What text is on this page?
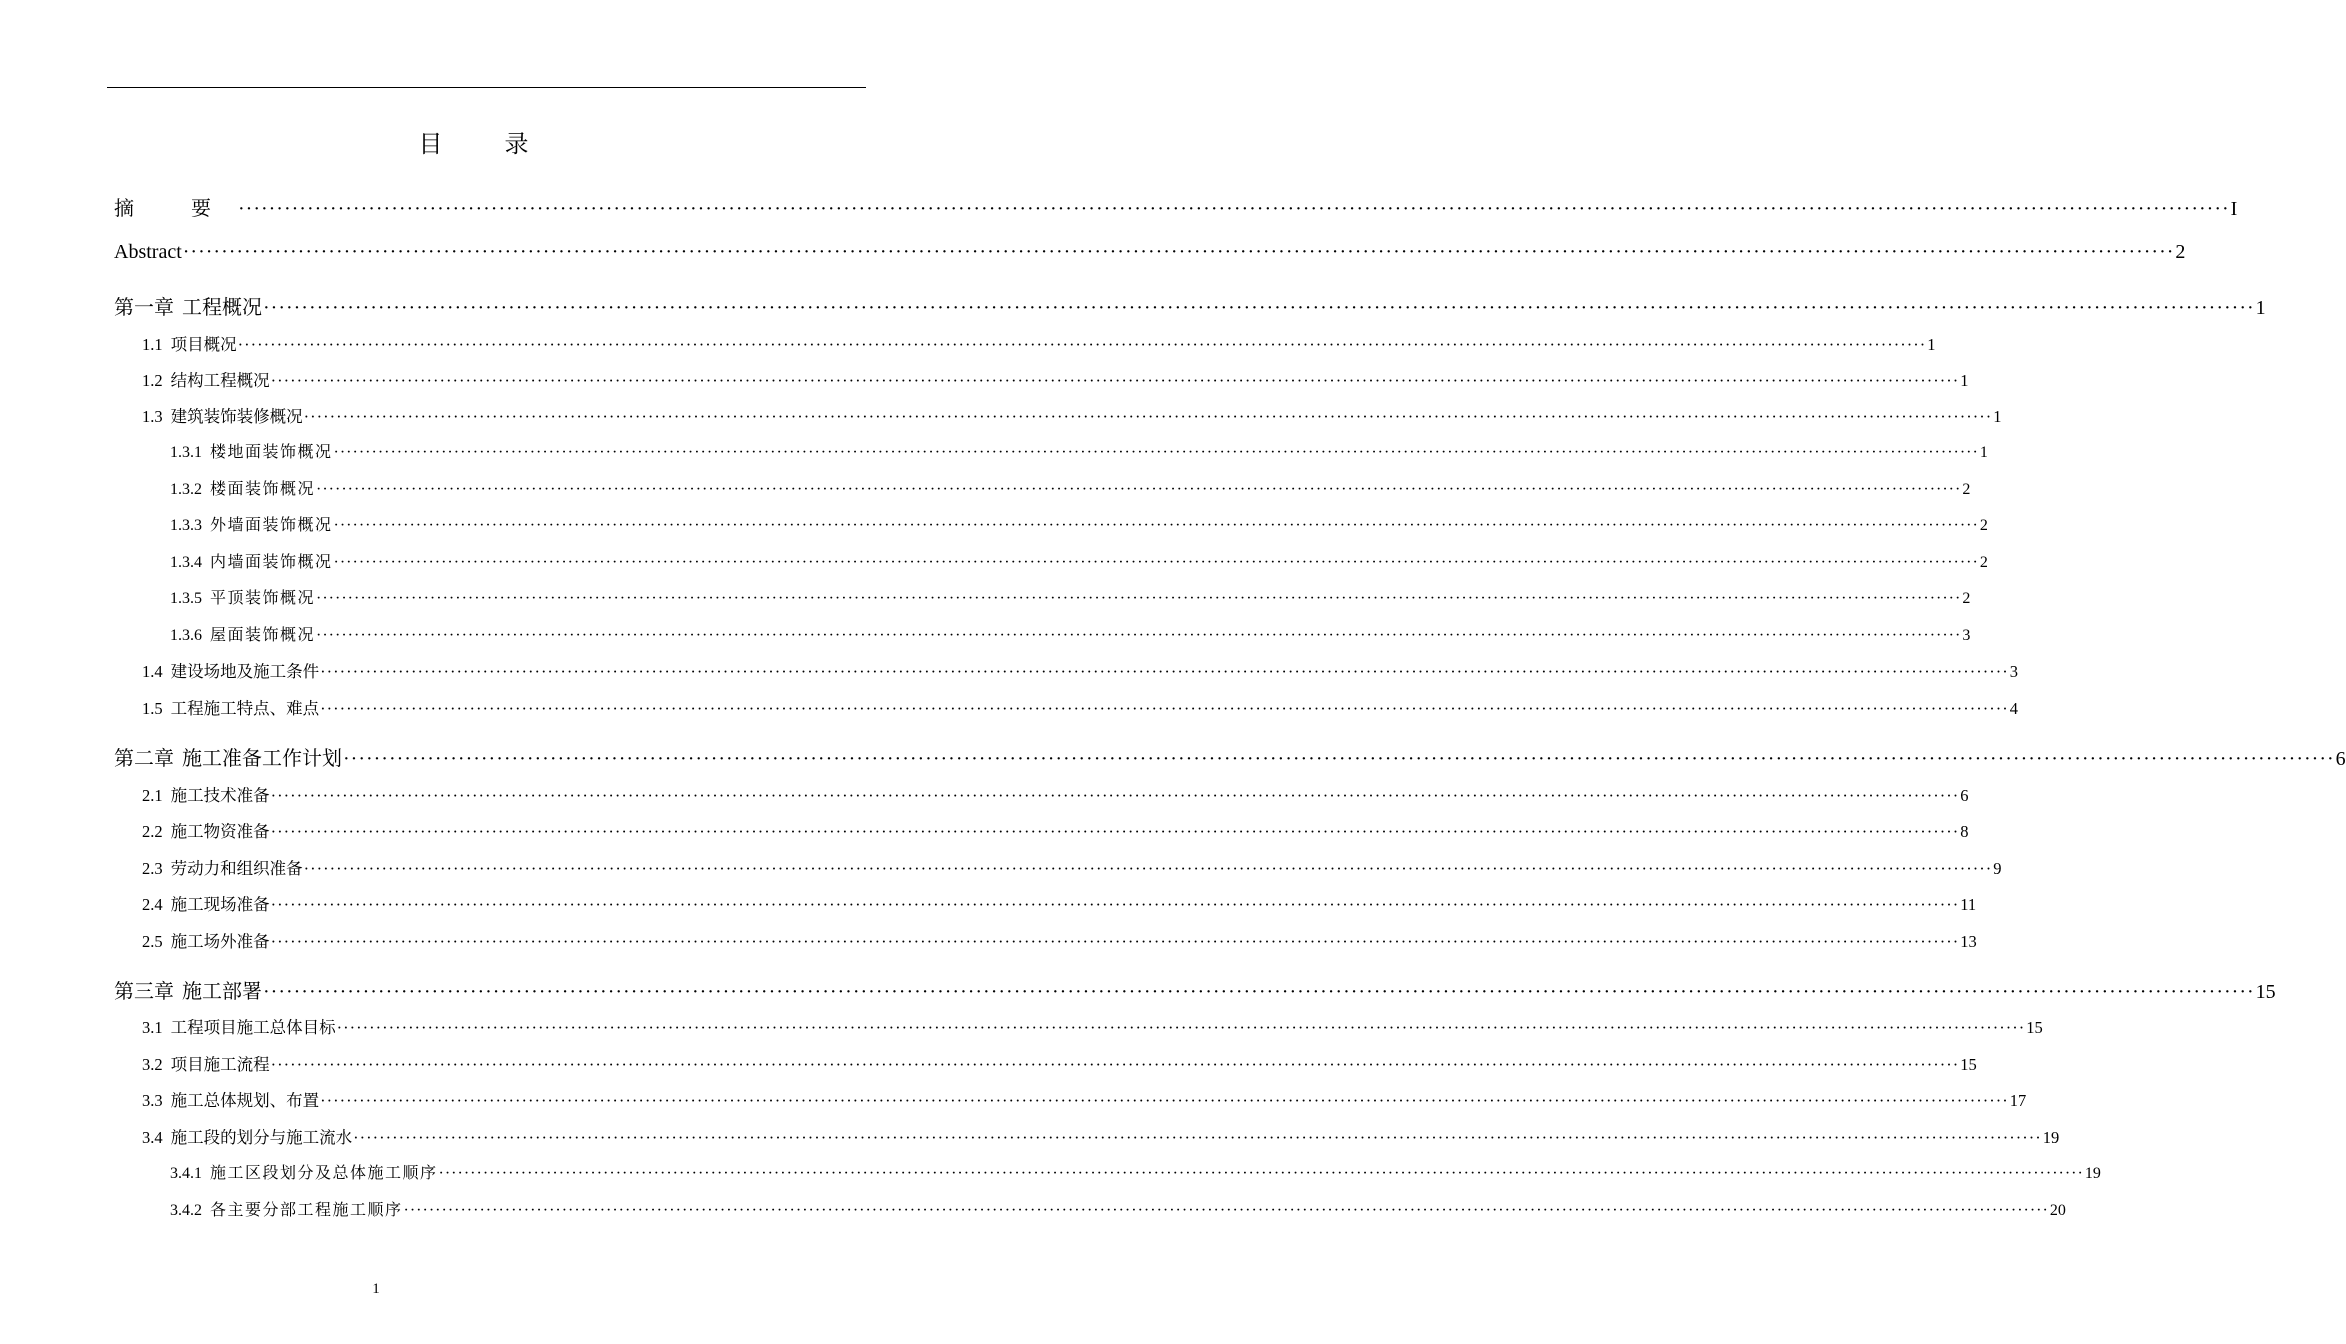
目 录
摘 要 ···································································································································································································································································· I
Abstract ···································································································································································································································································· 2
第一章 工程概况 ···································································································································································································································································· 1
1.1 项目概况 ···································································································································································································································································· 1
1.2 结构工程概况 ···································································································································································································································································· 1
1.3 建筑装饰装修概况 ···································································································································································································································································· 1
1.3.1 楼地面装饰概况 ···································································································································································································································································· 1
1.3.2 楼面装饰概况 ···································································································································································································································································· 2
1.3.3 外墙面装饰概况 ···································································································································································································································································· 2
1.3.4 内墙面装饰概况 ···································································································································································································································································· 2
1.3.5 平顶装饰概况 ···································································································································································································································································· 2
1.3.6 屋面装饰概况 ···································································································································································································································································· 3
1.4 建设场地及施工条件 ···································································································································································································································································· 3
1.5 工程施工特点、难点 ···································································································································································································································································· 4
第二章 施工准备工作计划 ···································································································································································································································································· 6
2.1 施工技术准备 ···································································································································································································································································· 6
2.2 施工物资准备 ···································································································································································································································································· 8
2.3 劳动力和组织准备 ···································································································································································································································································· 9
2.4 施工现场准备 ···································································································································································································································································· 11
2.5 施工场外准备 ···································································································································································································································································· 13
第三章 施工部署 ···································································································································································································································································· 15
3.1 工程项目施工总体目标 ···································································································································································································································································· 15
3.2 项目施工流程 ···································································································································································································································································· 15
3.3 施工总体规划、布置 ···································································································································································································································································· 17
3.4 施工段的划分与施工流水 ···································································································································································································································································· 19
3.4.1 施工区段划分及总体施工顺序 ···································································································································································································································································· 19
3.4.2 各主要分部工程施工顺序 ···································································································································································································································································· 20
1
